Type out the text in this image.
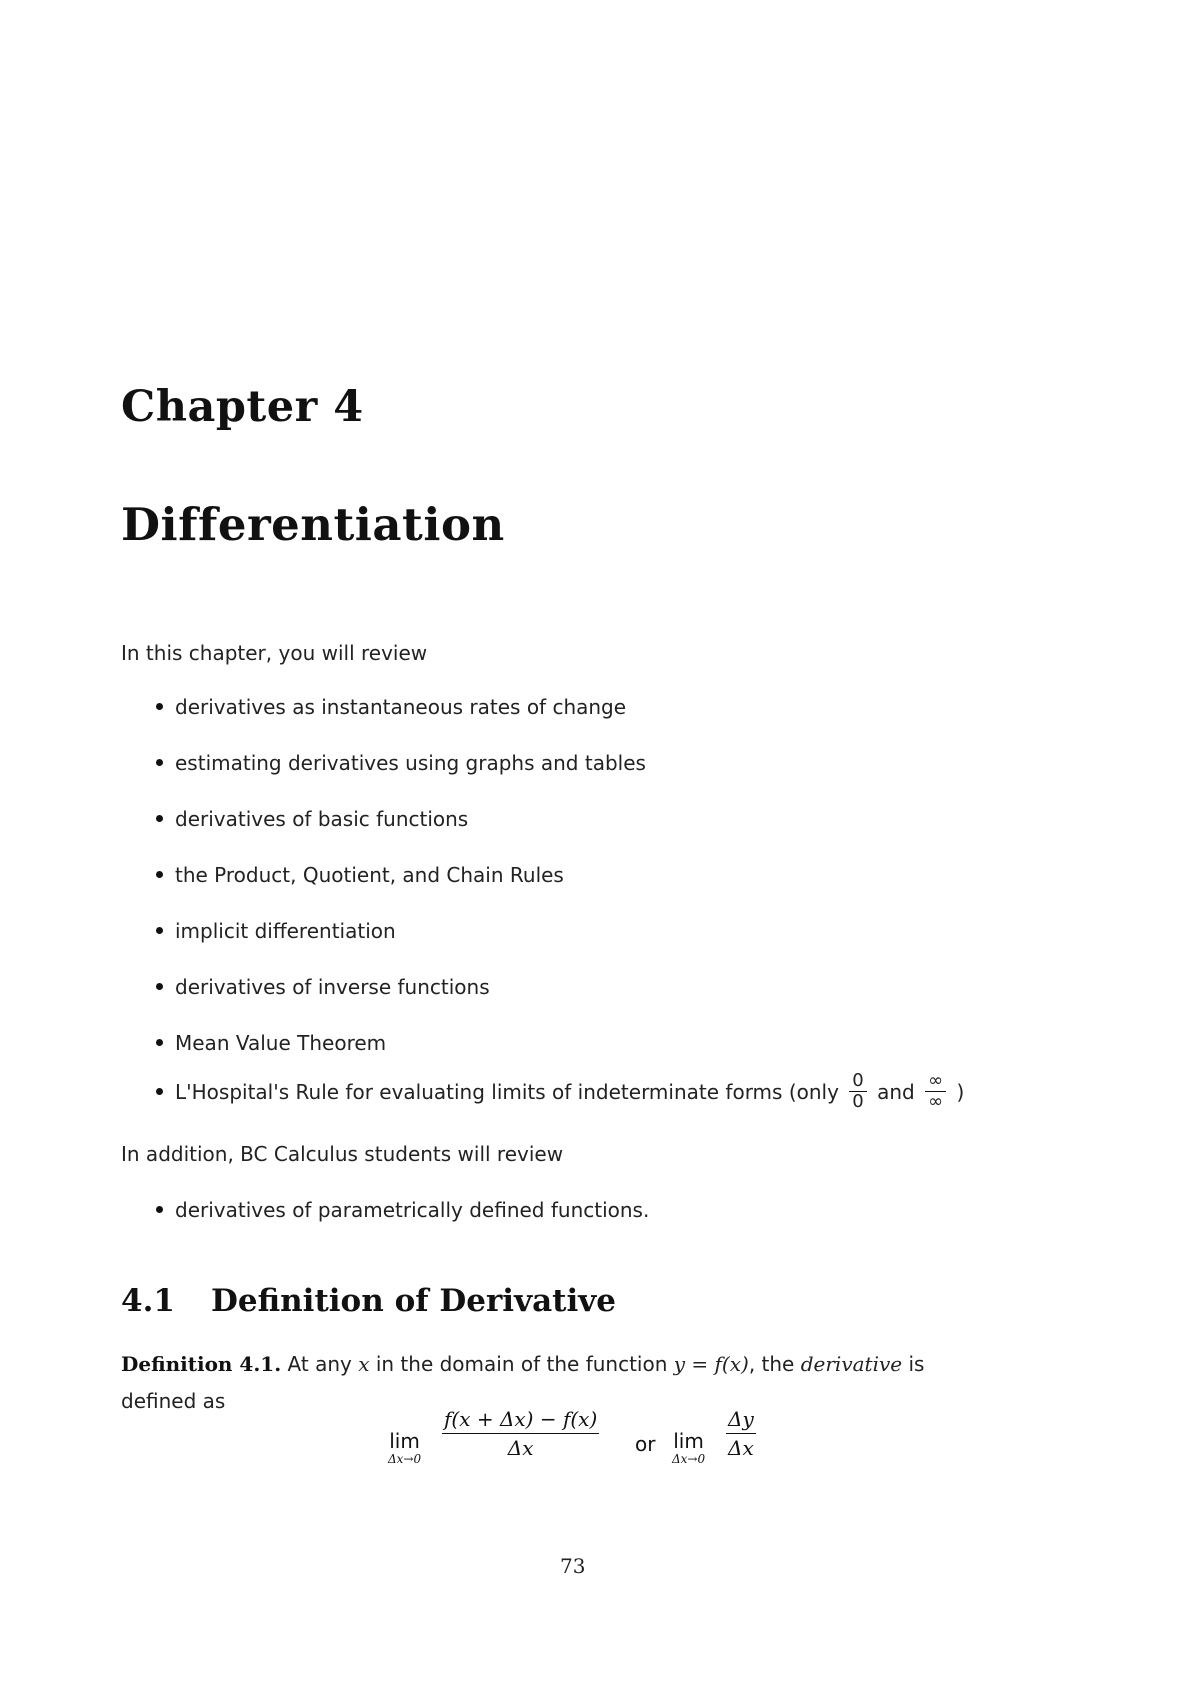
Chapter 4
Differentiation
In this chapter, you will review
derivatives as instantaneous rates of change
estimating derivatives using graphs and tables
derivatives of basic functions
the Product, Quotient, and Chain Rules
implicit differentiation
derivatives of inverse functions
Mean Value Theorem
L'Hospital's Rule for evaluating limits of indeterminate forms (only $\frac{0}{0}$ and $\frac{\infty}{\infty}$ )
In addition, BC Calculus students will review
derivatives of parametrically defined functions.
4.1 Definition of Derivative
Definition 4.1. At any x in the domain of the function y = f(x), the derivative is
defined as
lim
$\Delta x\to 0 \frac{f(x + \Delta x) - f(x)}{\Delta x}$ or lim
$\Delta x\to 0 \frac{\Delta y}{\Delta x}$
73
